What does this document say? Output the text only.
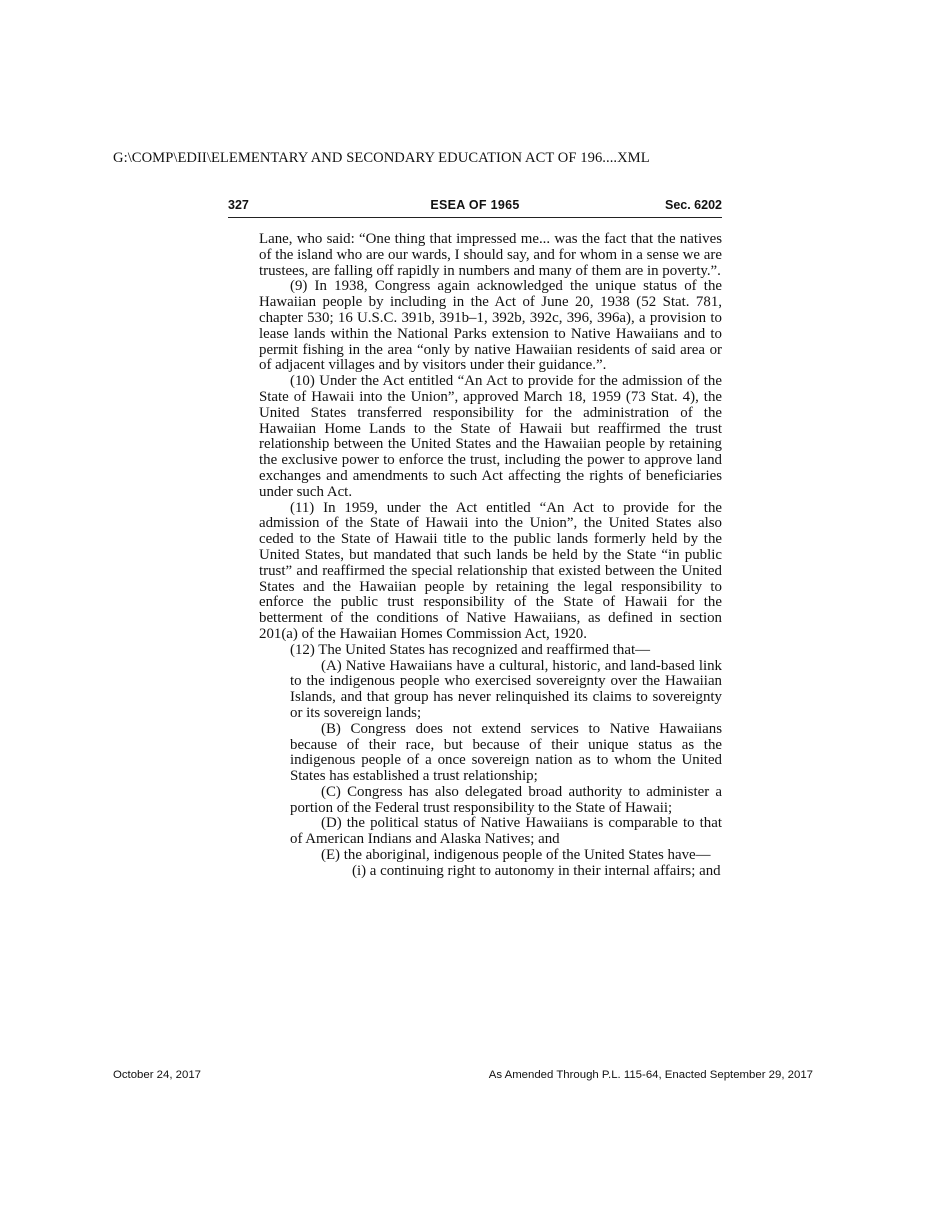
G:\COMP\EDII\ELEMENTARY AND SECONDARY EDUCATION ACT OF 196....XML
ESEA OF 1965
327	Sec. 6202

Lane, who said: “One thing that impressed me... was the fact that the natives of the island who are our wards, I should say, and for whom in a sense we are trustees, are falling off rapidly in numbers and many of them are in poverty.”.

(9) In 1938, Congress again acknowledged the unique status of the Hawaiian people by including in the Act of June 20, 1938 (52 Stat. 781, chapter 530; 16 U.S.C. 391b, 391b–1, 392b, 392c, 396, 396a), a provision to lease lands within the National Parks extension to Native Hawaiians and to permit fishing in the area “only by native Hawaiian residents of said area or of adjacent villages and by visitors under their guidance.”.

(10) Under the Act entitled “An Act to provide for the admission of the State of Hawaii into the Union”, approved March 18, 1959 (73 Stat. 4), the United States transferred responsibility for the administration of the Hawaiian Home Lands to the State of Hawaii but reaffirmed the trust relationship between the United States and the Hawaiian people by retaining the exclusive power to enforce the trust, including the power to approve land exchanges and amendments to such Act affecting the rights of beneficiaries under such Act.

(11) In 1959, under the Act entitled “An Act to provide for the admission of the State of Hawaii into the Union”, the United States also ceded to the State of Hawaii title to the public lands formerly held by the United States, but mandated that such lands be held by the State “in public trust” and reaffirmed the special relationship that existed between the United States and the Hawaiian people by retaining the legal responsibility to enforce the public trust responsibility of the State of Hawaii for the betterment of the conditions of Native Hawaiians, as defined in section 201(a) of the Hawaiian Homes Commission Act, 1920.

(12) The United States has recognized and reaffirmed that—

(A) Native Hawaiians have a cultural, historic, and land-based link to the indigenous people who exercised sovereignty over the Hawaiian Islands, and that group has never relinquished its claims to sovereignty or its sovereign lands;

(B) Congress does not extend services to Native Hawaiians because of their race, but because of their unique status as the indigenous people of a once sovereign nation as to whom the United States has established a trust relationship;

(C) Congress has also delegated broad authority to administer a portion of the Federal trust responsibility to the State of Hawaii;

(D) the political status of Native Hawaiians is comparable to that of American Indians and Alaska Natives; and

(E) the aboriginal, indigenous people of the United States have—

(i) a continuing right to autonomy in their internal affairs; and

October 24, 2017	As Amended Through P.L. 115-64, Enacted September 29, 2017
